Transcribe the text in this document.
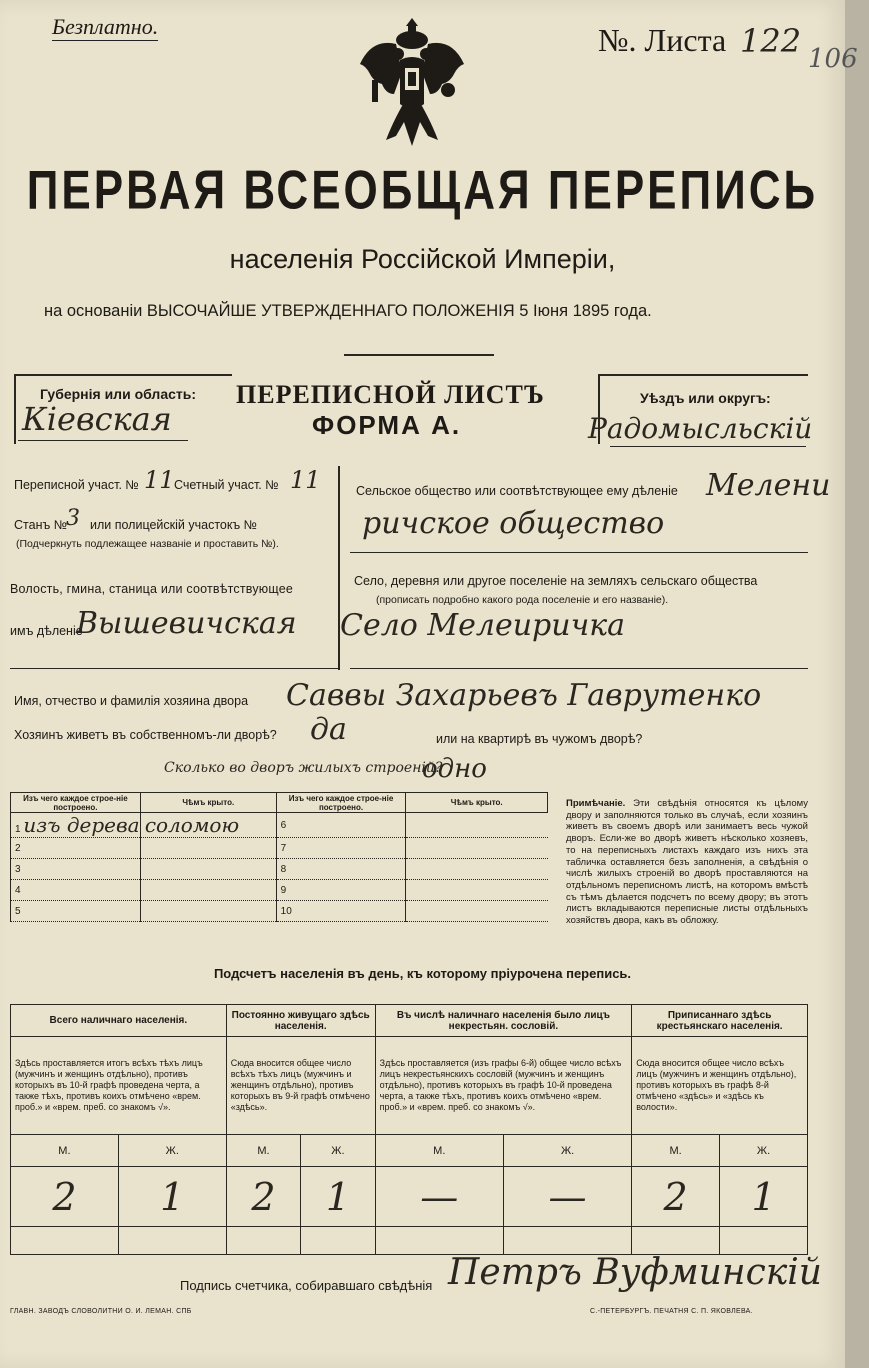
Безплатно.	№. Листа 122 106
ПЕРВАЯ ВСЕОБЩАЯ ПЕРЕПИСЬ
населенія Россійской Имперіи,
на основаніи ВЫСОЧАЙШЕ УТВЕРЖДЕННАГО ПОЛОЖЕНІЯ 5 Іюня 1895 года.
Губернія или область:
Кіевская
ПЕРЕПИСНОЙ ЛИСТЪ
ФОРМА А.
Уѣздъ или округъ:
Радомысльскій
Переписной участ. № 11 Счетный участ. № 11
Станъ №
3 или полицейскій участокъ №
(Подчеркнуть подлежащее названіе и проставить №).
Волость, гмина, станица или соотвѣтствующее
имъ дѣленіе
Вышевичская
Сельское общество или соотвѣтствующее ему дѣленіе Мелени
ричское общество
Село, деревня или другое поселеніе на земляхъ сельскаго общества
(прописать подробно какого рода поселеніе и его названіе).
Село Мелеиричка
Имя, отчество и фамилія хозяина двора Саввы Захарьевъ Гаврутенко
Хозяинъ живетъ въ собственномъ-ли дворѣ? да	или на квартирѣ въ чужомъ дворѣ?
Сколько во дворъ жилыхъ строеній?
одно
Изъ чего каждое строе-ніе построено.	Чѣмъ крыто.	Изъ чего каждое строе-ніе построено.	Чѣмъ крыто.
1 изъ дерева	соломою	6	
2		7	
3		8	
4		9	
5		10	
Примѣчаніе. Эти свѣдѣнія относятся къ цѣлому двору и заполняются только въ случаѣ, если хозяинъ живетъ въ своемъ дворѣ или занимаетъ весь чужой дворъ. Если-же во дворѣ живетъ нѣсколько хозяевъ, то на переписныхъ листахъ каждаго изъ нихъ эта табличка оставляется безъ заполненія, а свѣдѣнія о числѣ жилыхъ строеній во дворѣ проставляются на отдѣльномъ переписномъ листѣ, на которомъ вмѣстѣ съ тѣмъ дѣлается подсчетъ по всему двору; въ этотъ листъ вкладываются переписные листы отдѣльныхъ хозяйствъ двора, какъ въ обложку.
Подсчетъ населенія въ день, къ которому пріурочена перепись.
Всего наличнаго населенія.		Постоянно живущаго здѣсь населенія.		Въ числѣ наличнаго населенія было лицъ некрестьян. сословій.		Приписаннаго здѣсь крестьянскаго населенія.	
Здѣсь проставляется итогъ всѣхъ тѣхъ лицъ (мужчинъ и женщинъ отдѣльно), противъ которыхъ въ 10-й графѣ проведена черта, а также тѣхъ, противъ коихъ отмѣчено «врем. проб.» и «врем. преб. со знакомъ √».		Сюда вносится общее число всѣхъ тѣхъ лицъ (мужчинъ и женщинъ отдѣльно), противъ которыхъ въ 9-й графѣ отмѣчено «здѣсь».		Здѣсь проставляется (изъ графы 6-й) общее число всѣхъ лицъ некрестьянскихъ сословій (мужчинъ и женщинъ отдѣльно), противъ которыхъ въ графѣ 10-й проведена черта, а также тѣхъ, противъ коихъ отмѣчено «врем. проб.» и «врем. преб. со знакомъ √».		Сюда вносится общее число всѣхъ лицъ (мужчинъ и женщинъ отдѣльно), противъ которыхъ въ графѣ 8-й отмѣчено «здѣсь» и «здѣсь къ волости».	
М.	Ж.	М.	Ж.	М.	Ж.	М.	Ж.
2	1	2	1	—	—	2	1

Подпись счетчика, собиравшаго свѣдѣнія Петръ Вуфминскій
ГЛАВН. ЗАВОДЪ СЛОВОЛИТНИ О. И. ЛЕМАН. СПБ	С.-ПЕТЕРБУРГЪ. ПЕЧАТНЯ С. П. ЯКОВЛЕВА.
